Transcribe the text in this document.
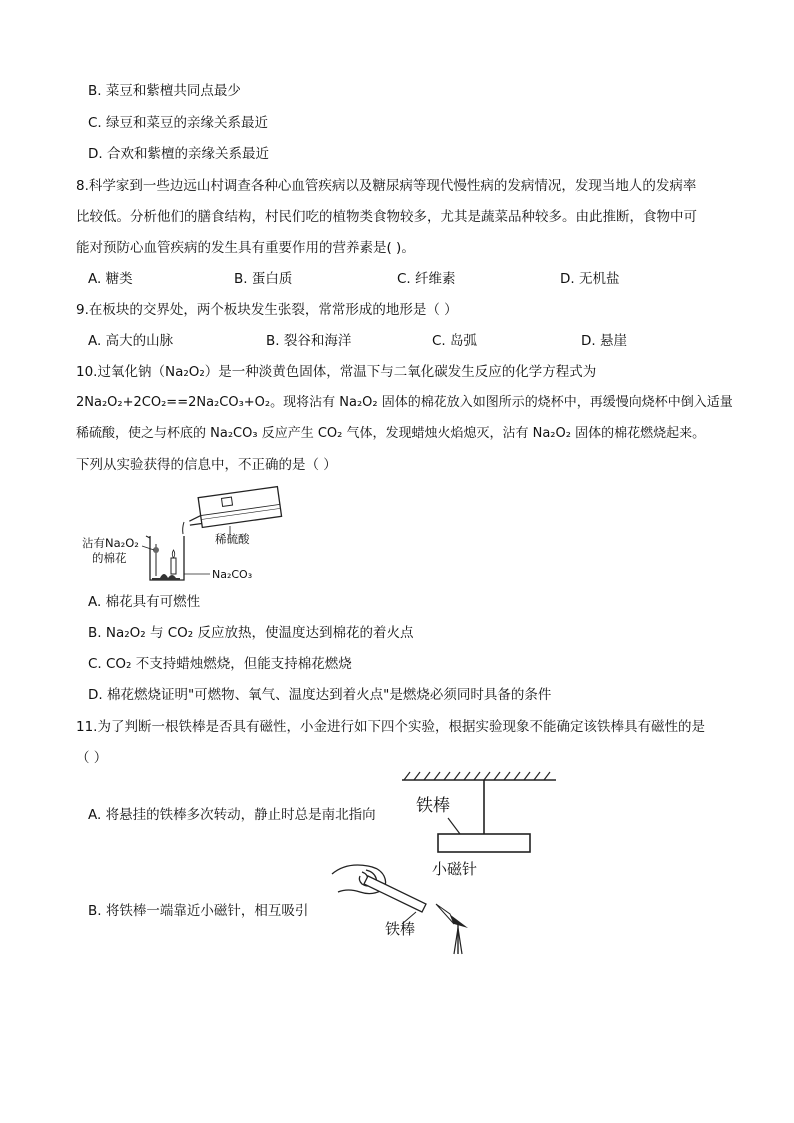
B. 菜豆和紫檀共同点最少
C. 绿豆和菜豆的亲缘关系最近
D. 合欢和紫檀的亲缘关系最近
8.科学家到一些边远山村调查各种心血管疾病以及糖尿病等现代慢性病的发病情况，发现当地人的发病率
比较低。分析他们的膳食结构，村民们吃的植物类食物较多，尤其是蔬菜品种较多。由此推断，食物中可
能对预防心血管疾病的发生具有重要作用的营养素是( )。
A. 糖类	B. 蛋白质	C. 纤维素	D. 无机盐
9.在板块的交界处，两个板块发生张裂，常常形成的地形是（ ）
A. 高大的山脉	B. 裂谷和海洋	C. 岛弧	D. 悬崖
10.过氧化钠（Na₂O₂）是一种淡黄色固体，常温下与二氧化碳发生反应的化学方程式为
2Na₂O₂+2CO₂==2Na₂CO₃+O₂。现将沾有 Na₂O₂ 固体的棉花放入如图所示的烧杯中，再缓慢向烧杯中倒入适量
稀硫酸，使之与杯底的 Na₂CO₃ 反应产生 CO₂ 气体，发现蜡烛火焰熄灭，沾有 Na₂O₂ 固体的棉花燃烧起来。
下列从实验获得的信息中，不正确的是（ ）
沾有Na₂O₂
的棉花
稀硫酸
Na₂CO₃
A. 棉花具有可燃性
B. Na₂O₂ 与 CO₂ 反应放热，使温度达到棉花的着火点
C. CO₂ 不支持蜡烛燃烧，但能支持棉花燃烧
D. 棉花燃烧证明"可燃物、氧气、温度达到着火点"是燃烧必须同时具备的条件
11.为了判断一根铁棒是否具有磁性，小金进行如下四个实验，根据实验现象不能确定该铁棒具有磁性的是
（ ）
铁棒
A. 将悬挂的铁棒多次转动，静止时总是南北指向
小磁针
铁棒
B. 将铁棒一端靠近小磁针，相互吸引
